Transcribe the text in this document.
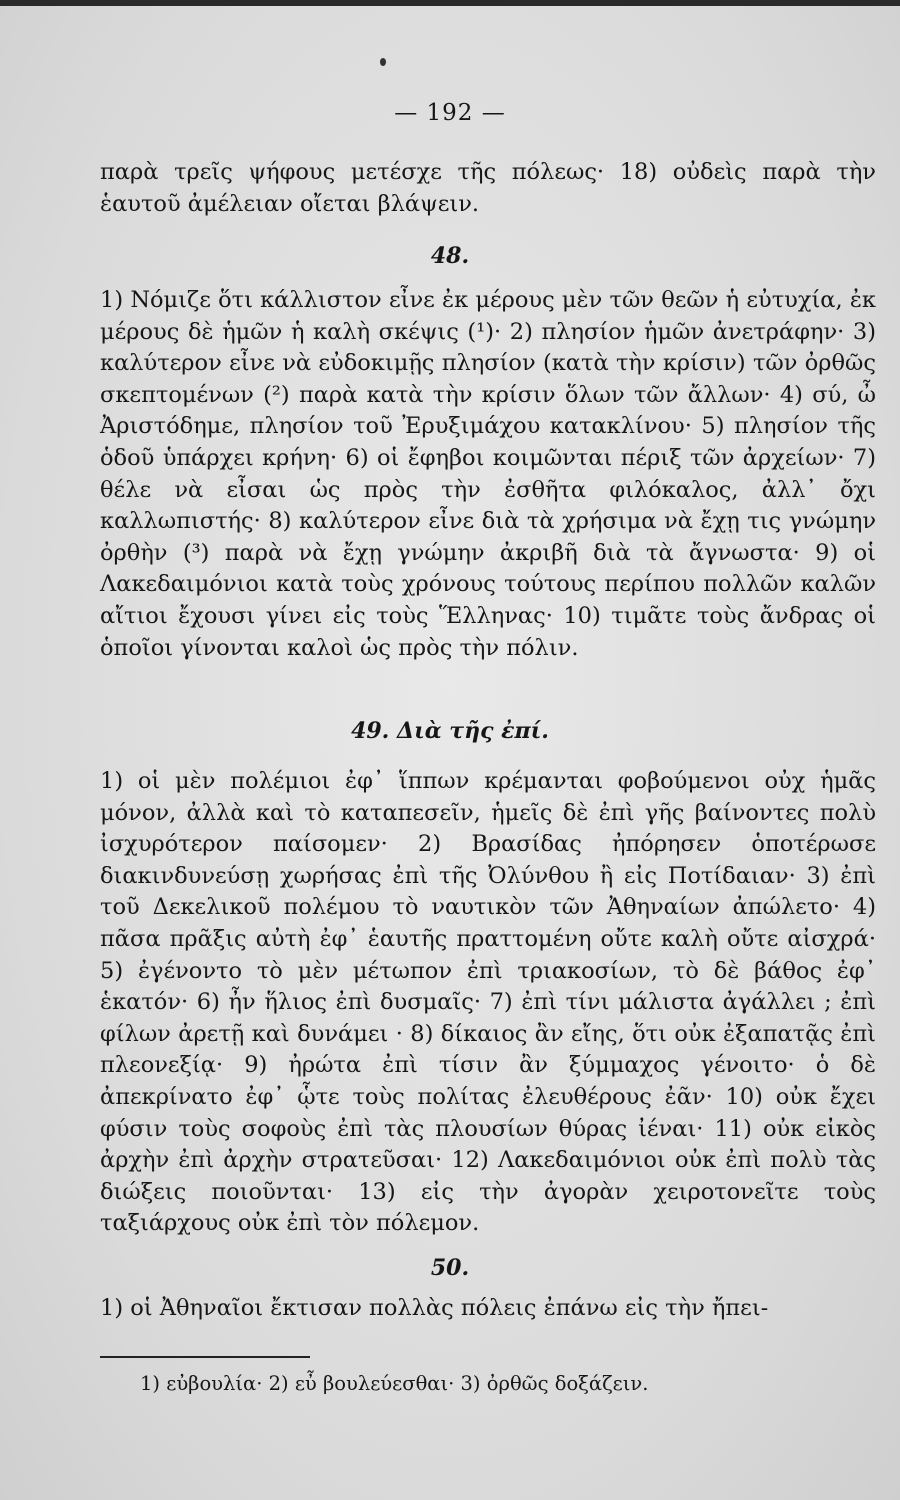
— 192 —
παρὰ τρεῖς ψήφους μετέσχε τῆς πόλεως· 18) οὐδεὶς παρὰ τὴν ἑαυτοῦ ἀμέλειαν οἴεται βλάψειν.
48.
1) Νόμιζε ὅτι κάλλιστον εἶνε ἐκ μέρους μὲν τῶν θεῶν ἡ εὐτυχία, ἐκ μέρους δὲ ἡμῶν ἡ καλὴ σκέψις (¹)· 2) πλησίον ἡμῶν ἀνετράφην· 3) καλύτερον εἶνε νὰ εὐδοκιμῇς πλησίον (κατὰ τὴν κρίσιν) τῶν ὀρθῶς σκεπτομένων (²) παρὰ κατὰ τὴν κρίσιν ὅλων τῶν ἄλλων· 4) σύ, ὦ Ἀριστόδημε, πλησίον τοῦ Ἐρυξιμάχου κατακλίνου· 5) πλησίον τῆς ὁδοῦ ὑπάρχει κρήνη· 6) οἱ ἔφηβοι κοιμῶνται πέριξ τῶν ἀρχείων· 7) θέλε νὰ εἶσαι ὡς πρὸς τὴν ἐσθῆτα φιλόκαλος, ἀλλ᾽ ὄχι καλλωπιστής· 8) καλύτερον εἶνε διὰ τὰ χρήσιμα νὰ ἔχῃ τις γνώμην ὀρθὴν (³) παρὰ νὰ ἔχῃ γνώμην ἀκριβῆ διὰ τὰ ἄγνωστα· 9) οἱ Λακεδαιμόνιοι κατὰ τοὺς χρόνους τούτους περίπου πολλῶν καλῶν αἴτιοι ἔχουσι γίνει εἰς τοὺς Ἕλληνας· 10) τιμᾶτε τοὺς ἄνδρας οἱ ὁποῖοι γίνονται καλοὶ ὡς πρὸς τὴν πόλιν.
49. Διὰ τῆς ἐπί.
1) οἱ μὲν πολέμιοι ἐφ᾽ ἵππων κρέμανται φοβούμενοι οὐχ ἡμᾶς μόνον, ἀλλὰ καὶ τὸ καταπεσεῖν, ἡμεῖς δὲ ἐπὶ γῆς βαίνοντες πολὺ ἰσχυρότερον παίσομεν· 2) Βρασίδας ἠπόρησεν ὁποτέρωσε διακινδυνεύσῃ χωρήσας ἐπὶ τῆς Ὀλύνθου ἢ εἰς Ποτίδαιαν· 3) ἐπὶ τοῦ Δεκελικοῦ πολέμου τὸ ναυτικὸν τῶν Ἀθηναίων ἀπώλετο· 4) πᾶσα πρᾶξις αὐτὴ ἐφ᾽ ἑαυτῆς πραττομένη οὔτε καλὴ οὔτε αἰσχρά· 5) ἐγένοντο τὸ μὲν μέτωπον ἐπὶ τριακοσίων, τὸ δὲ βάθος ἐφ᾽ ἑκατόν· 6) ἦν ἥλιος ἐπὶ δυσμαῖς· 7) ἐπὶ τίνι μάλιστα ἀγάλλει ; ἐπὶ φίλων ἀρετῇ καὶ δυνάμει · 8) δίκαιος ἂν εἴης, ὅτι οὐκ ἐξαπατᾷς ἐπὶ πλεονεξίᾳ· 9) ἠρώτα ἐπὶ τίσιν ἂν ξύμμαχος γένοιτο· ὁ δὲ ἀπεκρίνατο ἐφ᾽ ᾧτε τοὺς πολίτας ἐλευθέρους ἐᾶν· 10) οὐκ ἔχει φύσιν τοὺς σοφοὺς ἐπὶ τὰς πλουσίων θύρας ἰέναι· 11) οὐκ εἰκὸς ἀρχὴν ἐπὶ ἀρχὴν στρατεῦσαι· 12) Λακεδαιμόνιοι οὐκ ἐπὶ πολὺ τὰς διώξεις ποιοῦνται· 13) εἰς τὴν ἀγορὰν χειροτονεῖτε τοὺς ταξιάρχους οὐκ ἐπὶ τὸν πόλεμον.
50.
1) οἱ Ἀθηναῖοι ἔκτισαν πολλὰς πόλεις ἐπάνω εἰς τὴν ἤπει-
1) εὐβουλία· 2) εὖ βουλεύεσθαι· 3) ὀρθῶς δοξάζειν.
